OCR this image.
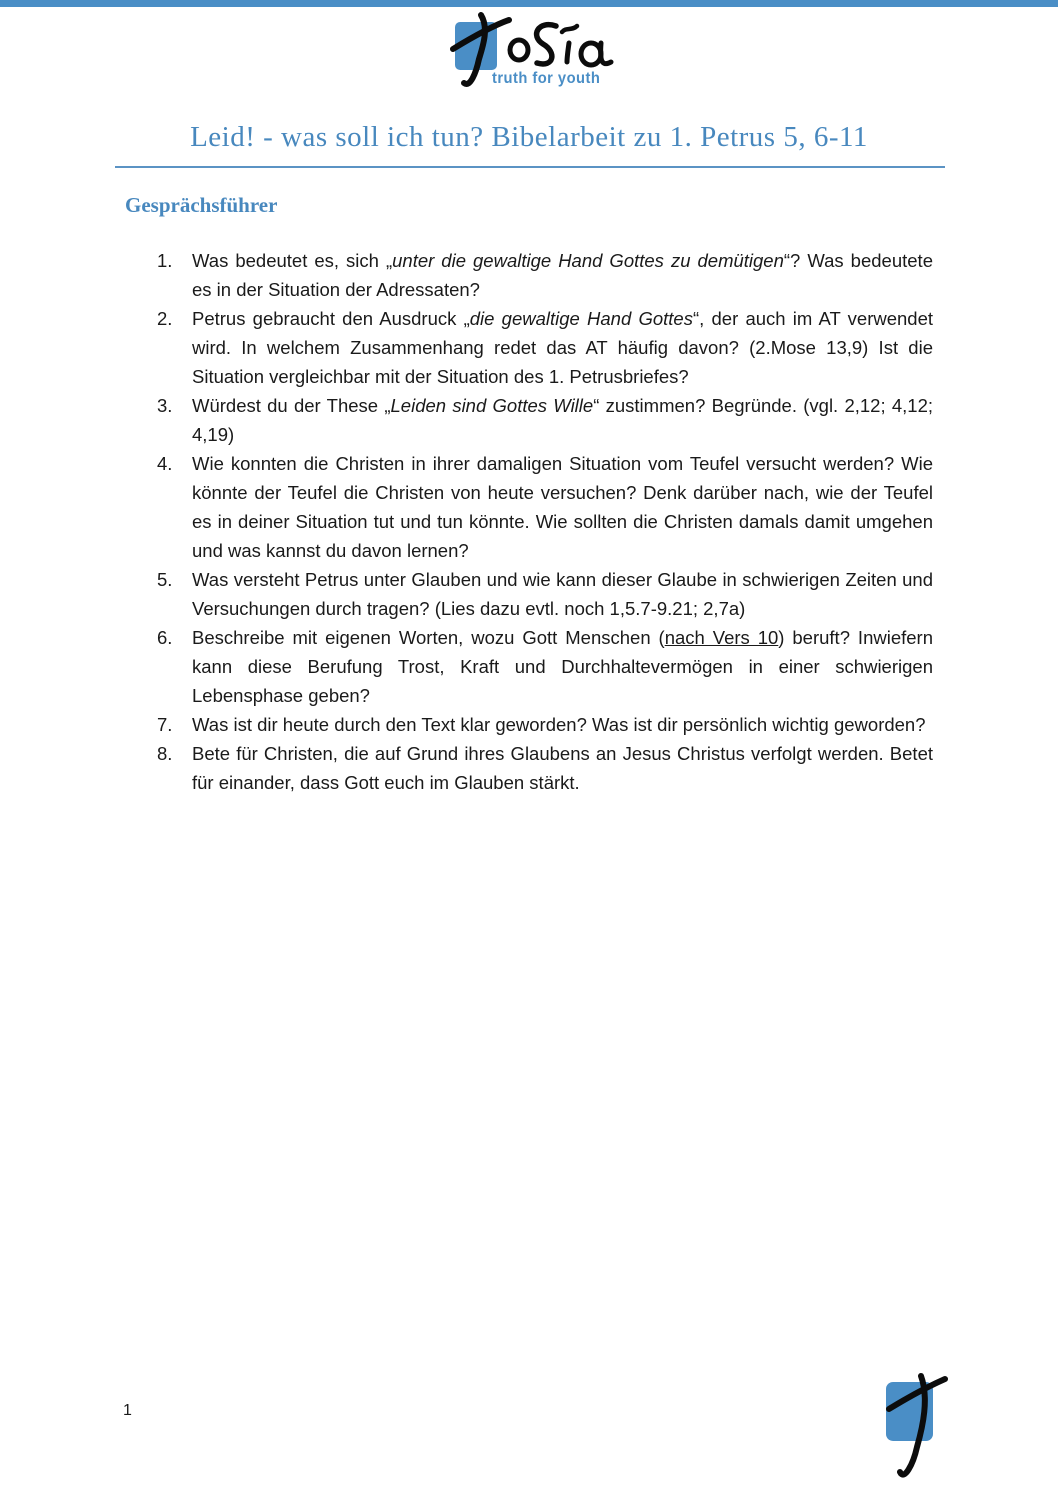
truth for youth
Leid! - was soll ich tun? Bibelarbeit zu 1. Petrus 5, 6-11
Gesprächsführer
1.	Was bedeutet es, sich „unter die gewaltige Hand Gottes zu demütigen“? Was bedeutete es in der Situation der Adressaten?
2.	Petrus gebraucht den Ausdruck „die gewaltige Hand Gottes“, der auch im AT verwendet wird. In welchem Zusammenhang redet das AT häufig davon? (2.Mose 13,9) Ist die Situation vergleichbar mit der Situation des 1. Petrusbriefes?
3.	Würdest du der These „Leiden sind Gottes Wille“ zustimmen? Begründe. (vgl. 2,12; 4,12; 4,19)
4.	Wie konnten die Christen in ihrer damaligen Situation vom Teufel versucht werden? Wie könnte der Teufel die Christen von heute versuchen? Denk darüber nach, wie der Teufel es in deiner Situation tut und tun könnte. Wie sollten die Christen damals damit umgehen und was kannst du davon lernen?
5.	Was versteht Petrus unter Glauben und wie kann dieser Glaube in schwierigen Zeiten und Versuchungen durch tragen? (Lies dazu evtl. noch 1,5.7-9.21; 2,7a)
6.	Beschreibe mit eigenen Worten, wozu Gott Menschen (nach Vers 10) beruft? Inwiefern kann diese Berufung Trost, Kraft und Durchhaltevermögen in einer schwierigen Lebensphase geben?
7.	Was ist dir heute durch den Text klar geworden? Was ist dir persönlich wichtig geworden?
8.	Bete für Christen, die auf Grund ihres Glaubens an Jesus Christus verfolgt werden. Betet für einander, dass Gott euch im Glauben stärkt.
1
